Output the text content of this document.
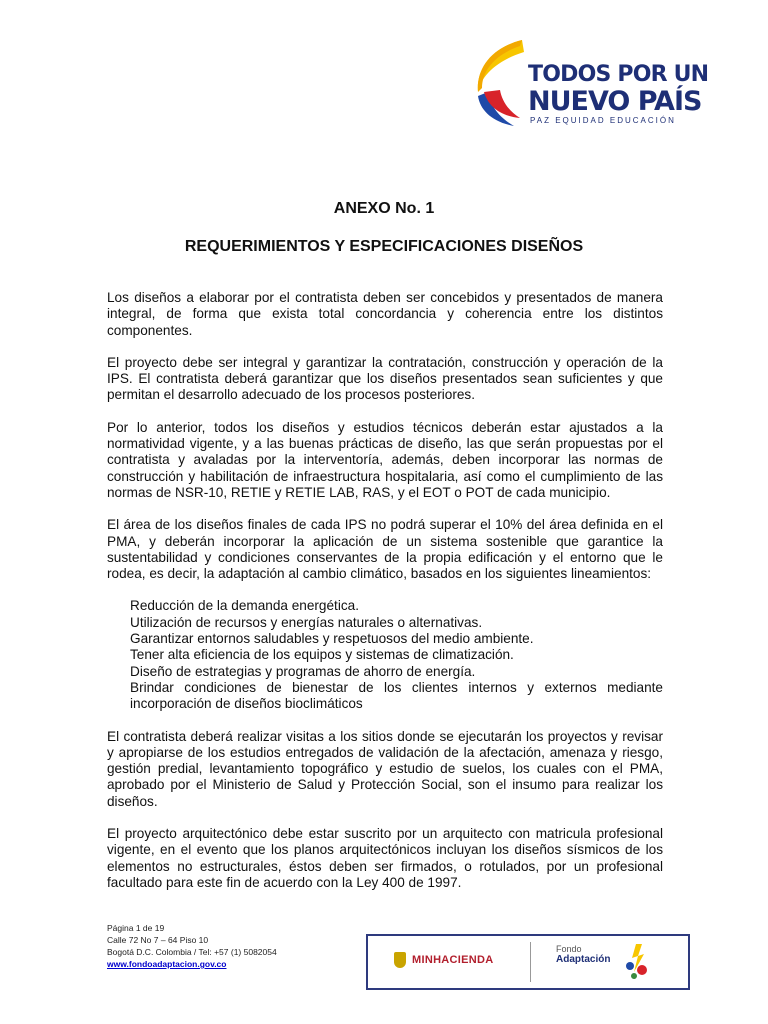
TODOS POR UN
NUEVO PAÍS
PAZ EQUIDAD EDUCACIÓN
ANEXO No. 1
REQUERIMIENTOS Y ESPECIFICACIONES DISEÑOS

Los diseños a elaborar por el contratista deben ser concebidos y presentados de manera integral, de forma que exista total concordancia y coherencia entre los distintos componentes.

El proyecto debe ser integral y garantizar la contratación, construcción y operación de la IPS. El contratista deberá garantizar que los diseños presentados sean suficientes y que permitan el desarrollo adecuado de los procesos posteriores.

Por lo anterior, todos los diseños y estudios técnicos deberán estar ajustados a la normatividad vigente, y a las buenas prácticas de diseño, las que serán propuestas por el contratista y avaladas por la interventoría, además, deben incorporar las normas de construcción y habilitación de infraestructura hospitalaria, así como el cumplimiento de las normas de NSR-10, RETIE y RETIE LAB, RAS, y el EOT o POT de cada municipio.

El área de los diseños finales de cada IPS no podrá superar el 10% del área definida en el PMA, y deberán incorporar la aplicación de un sistema sostenible que garantice la sustentabilidad y condiciones conservantes de la propia edificación y el entorno que le rodea, es decir, la adaptación al cambio climático, basados en los siguientes lineamientos:

Reducción de la demanda energética.
Utilización de recursos y energías naturales o alternativas.
Garantizar entornos saludables y respetuosos del medio ambiente.
Tener alta eficiencia de los equipos y sistemas de climatización.
Diseño de estrategias y programas de ahorro de energía.
Brindar condiciones de bienestar de los clientes internos y externos mediante incorporación de diseños bioclimáticos

El contratista deberá realizar visitas a los sitios donde se ejecutarán los proyectos y revisar y apropiarse de los estudios entregados de validación de la afectación, amenaza y riesgo, gestión predial, levantamiento topográfico y estudio de suelos, los cuales con el PMA, aprobado por el Ministerio de Salud y Protección Social, son el insumo para realizar los diseños.

El proyecto arquitectónico debe estar suscrito por un arquitecto con matricula profesional vigente, en el evento que los planos arquitectónicos incluyan los diseños sísmicos de los elementos no estructurales, éstos deben ser firmados, o rotulados, por un profesional facultado para este fin de acuerdo con la Ley 400 de 1997.

Página 1 de 19
Calle 72 No 7 – 64 Piso 10
Bogotá D.C. Colombia / Tel: +57 (1) 5082054
www.fondoadaptacion.gov.co	MINHACIENDA
Fondo
Adaptación
